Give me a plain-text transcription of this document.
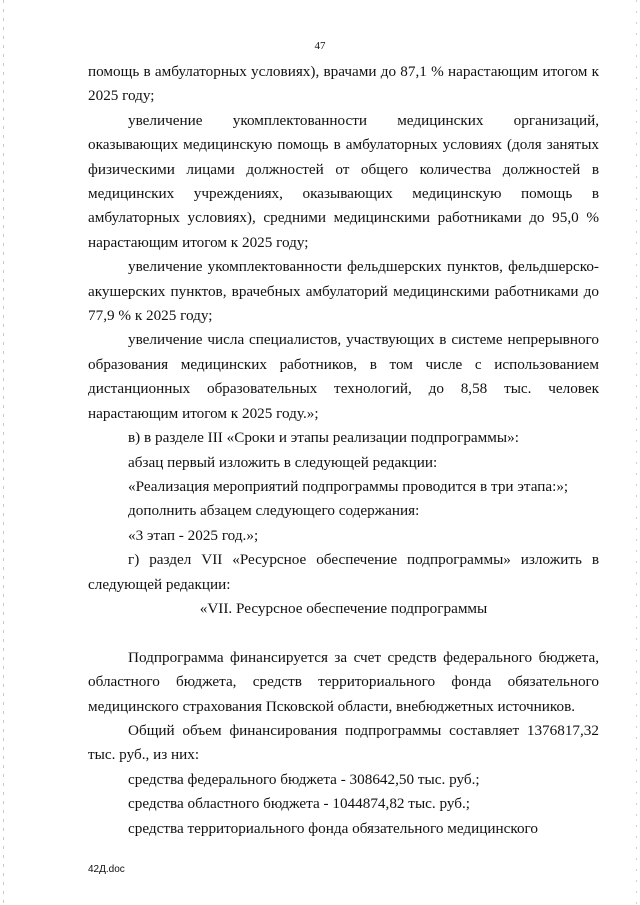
47

помощь в амбулаторных условиях), врачами до 87,1 % нарастающим итогом к 2025 году;

увеличение укомплектованности медицинских организаций, оказывающих медицинскую помощь в амбулаторных условиях (доля занятых физическими лицами должностей от общего количества должностей в медицинских учреждениях, оказывающих медицинскую помощь в амбулаторных условиях), средними медицинскими работниками до 95,0 % нарастающим итогом к 2025 году;

увеличение укомплектованности фельдшерских пунктов, фельдшерско-акушерских пунктов, врачебных амбулаторий медицинскими работниками до 77,9 % к 2025 году;

увеличение числа специалистов, участвующих в системе непрерывного образования медицинских работников, в том числе с использованием дистанционных образовательных технологий, до 8,58 тыс. человек нарастающим итогом к 2025 году.»;

в) в разделе III «Сроки и этапы реализации подпрограммы»:

абзац первый изложить в следующей редакции:

«Реализация мероприятий подпрограммы проводится в три этапа:»;

дополнить абзацем следующего содержания:

«3 этап - 2025 год.»;

г) раздел VII «Ресурсное обеспечение подпрограммы» изложить в следующей редакции:

«VII. Ресурсное обеспечение подпрограммы

Подпрограмма финансируется за счет средств федерального бюджета, областного бюджета, средств территориального фонда обязательного медицинского страхования Псковской области, внебюджетных источников.

Общий объем финансирования подпрограммы составляет 1376817,32 тыс. руб., из них:

средства федерального бюджета - 308642,50 тыс. руб.;

средства областного бюджета - 1044874,82 тыс. руб.;

средства территориального фонда обязательного медицинского

42Д.doc
